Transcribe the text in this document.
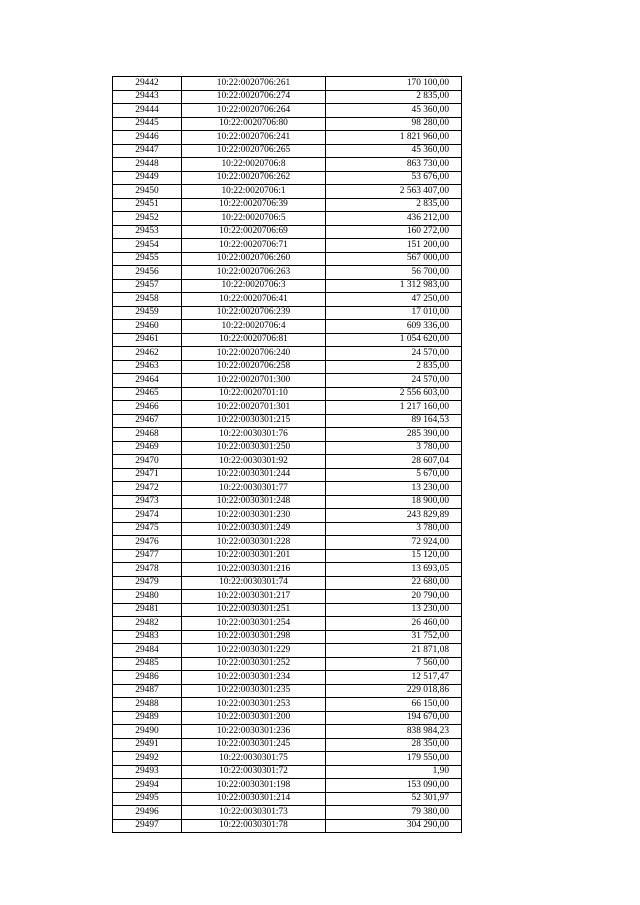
29442	10:22:0020706:261	170 100,00
29443	10:22:0020706:274	2 835,00
29444	10:22:0020706:264	45 360,00
29445	10:22:0020706:80	98 280,00
29446	10:22:0020706:241	1 821 960,00
29447	10:22:0020706:265	45 360,00
29448	10:22:0020706:8	863 730,00
29449	10:22:0020706:262	53 676,00
29450	10:22:0020706:1	2 563 407,00
29451	10:22:0020706:39	2 835,00
29452	10:22:0020706:5	436 212,00
29453	10:22:0020706:69	160 272,00
29454	10:22:0020706:71	151 200,00
29455	10:22:0020706:260	567 000,00
29456	10:22:0020706:263	56 700,00
29457	10:22:0020706:3	1 312 983,00
29458	10:22:0020706:41	47 250,00
29459	10:22:0020706:239	17 010,00
29460	10:22:0020706:4	609 336,00
29461	10:22:0020706:81	1 054 620,00
29462	10:22:0020706:240	24 570,00
29463	10:22:0020706:258	2 835,00
29464	10:22:0020701:300	24 570,00
29465	10:22:0020701:10	2 556 603,00
29466	10:22:0020701:301	1 217 160,00
29467	10:22:0030301:215	89 164,53
29468	10:22:0030301:76	285 390,00
29469	10:22:0030301:250	3 780,00
29470	10:22:0030301:92	28 607,04
29471	10:22:0030301:244	5 670,00
29472	10:22:0030301:77	13 230,00
29473	10:22:0030301:248	18 900,00
29474	10:22:0030301:230	243 829,89
29475	10:22:0030301:249	3 780,00
29476	10:22:0030301:228	72 924,00
29477	10:22:0030301:201	15 120,00
29478	10:22:0030301:216	13 693,05
29479	10:22:0030301:74	22 680,00
29480	10:22:0030301:217	20 790,00
29481	10:22:0030301:251	13 230,00
29482	10:22:0030301:254	26 460,00
29483	10:22:0030301:298	31 752,00
29484	10:22:0030301:229	21 871,08
29485	10:22:0030301:252	7 560,00
29486	10:22:0030301:234	12 517,47
29487	10:22:0030301:235	229 018,86
29488	10:22:0030301:253	66 150,00
29489	10:22:0030301:200	194 670,00
29490	10:22:0030301:236	838 984,23
29491	10:22:0030301:245	28 350,00
29492	10:22:0030301:75	179 550,00
29493	10:22:0030301:72	1,90
29494	10:22:0030301:198	153 090,00
29495	10:22:0030301:214	52 301,97
29496	10:22:0030301:73	79 380,00
29497	10:22:0030301:78	304 290,00
